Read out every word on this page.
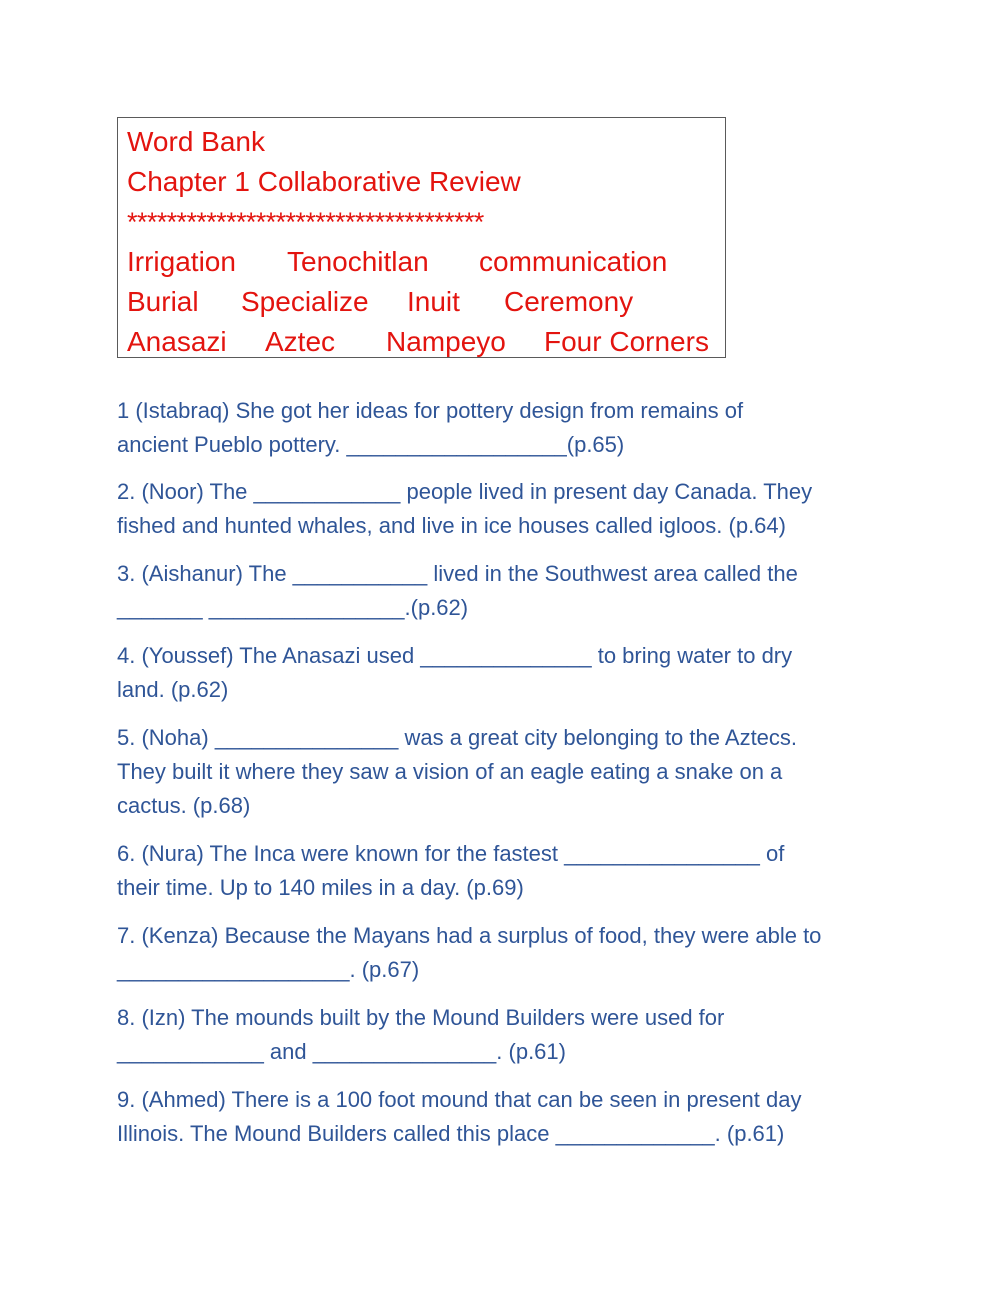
Word Bank
Chapter 1 Collaborative Review
************************************
Irrigation	Tenochitlan	communication
Burial	Specialize	Inuit	Ceremony
Anasazi	Aztec	Nampeyo	Four Corners
1 (Istabraq) She got her ideas for pottery design from remains of
ancient Pueblo pottery. __________________(p.65)
2. (Noor) The ____________ people lived in present day Canada. They
fished and hunted whales, and live in ice houses called igloos. (p.64)
3. (Aishanur) The ___________ lived in the Southwest area called the
_______ ________________.(p.62)
4. (Youssef) The Anasazi used ______________ to bring water to dry
land. (p.62)
5. (Noha) _______________ was a great city belonging to the Aztecs.
They built it where they saw a vision of an eagle eating a snake on a
cactus. (p.68)
6. (Nura) The Inca were known for the fastest ________________ of
their time. Up to 140 miles in a day. (p.69)
7. (Kenza) Because the Mayans had a surplus of food, they were able to
___________________. (p.67)
8. (Izn) The mounds built by the Mound Builders were used for
____________ and _______________. (p.61)
9. (Ahmed) There is a 100 foot mound that can be seen in present day
Illinois. The Mound Builders called this place _____________. (p.61)
